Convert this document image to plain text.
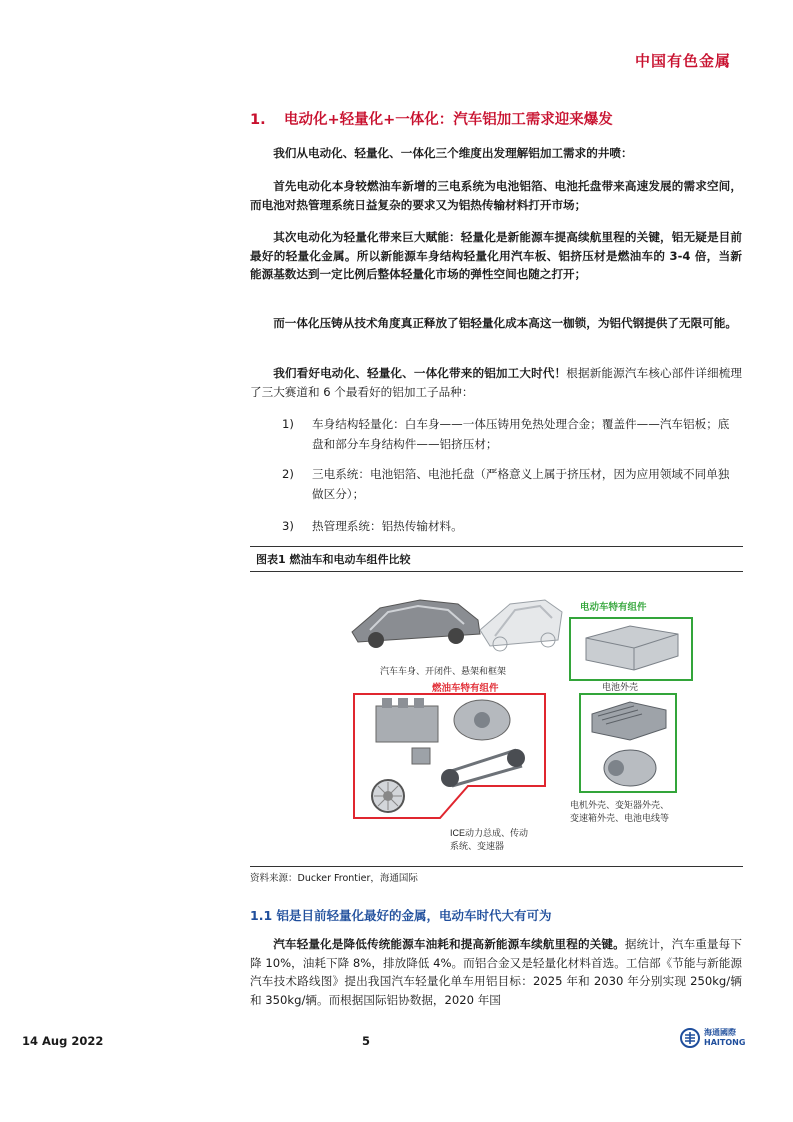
中国有色金属
1. 电动化+轻量化+一体化：汽车铝加工需求迎来爆发
我们从电动化、轻量化、一体化三个维度出发理解铝加工需求的井喷：
首先电动化本身较燃油车新增的三电系统为电池铝箔、电池托盘带来高速发展的需求空间，而电池对热管理系统日益复杂的要求又为铝热传输材料打开市场；
其次电动化为轻量化带来巨大赋能：轻量化是新能源车提高续航里程的关键，铝无疑是目前最好的轻量化金属。所以新能源车身结构轻量化用汽车板、铝挤压材是燃油车的 3-4 倍，当新能源基数达到一定比例后整体轻量化市场的弹性空间也随之打开；
而一体化压铸从技术角度真正释放了铝轻量化成本高这一枷锁，为铝代钢提供了无限可能。
我们看好电动化、轻量化、一体化带来的铝加工大时代！根据新能源汽车核心部件详细梳理了三大赛道和 6 个最看好的铝加工子品种：
1) 车身结构轻量化：白车身——一体压铸用免热处理合金；覆盖件——汽车铝板；底盘和部分车身结构件——铝挤压材；
2) 三电系统：电池铝箔、电池托盘（严格意义上属于挤压材，因为应用领域不同单独做区分）；
3) 热管理系统：铝热传输材料。
图表1 燃油车和电动车组件比较
汽车车身、开闭件、悬架和框架
电动车特有组件
电池外壳
燃油车特有组件
ICE动力总成、传动
系统、变速器
电机外壳、变矩器外壳、
变速箱外壳、电池电线等
资料来源：Ducker Frontier，海通国际
1.1 铝是目前轻量化最好的金属，电动车时代大有可为
汽车轻量化是降低传统能源车油耗和提高新能源车续航里程的关键。据统计，汽车重量每下降 10%，油耗下降 8%，排放降低 4%。而铝合金又是轻量化材料首选。工信部《节能与新能源汽车技术路线图》提出我国汽车轻量化单车用铝目标：2025 年和 2030 年分别实现 250kg/辆和 350kg/辆。而根据国际铝协数据，2020 年国
14 Aug 2022	5
海通國際
HAITONG
